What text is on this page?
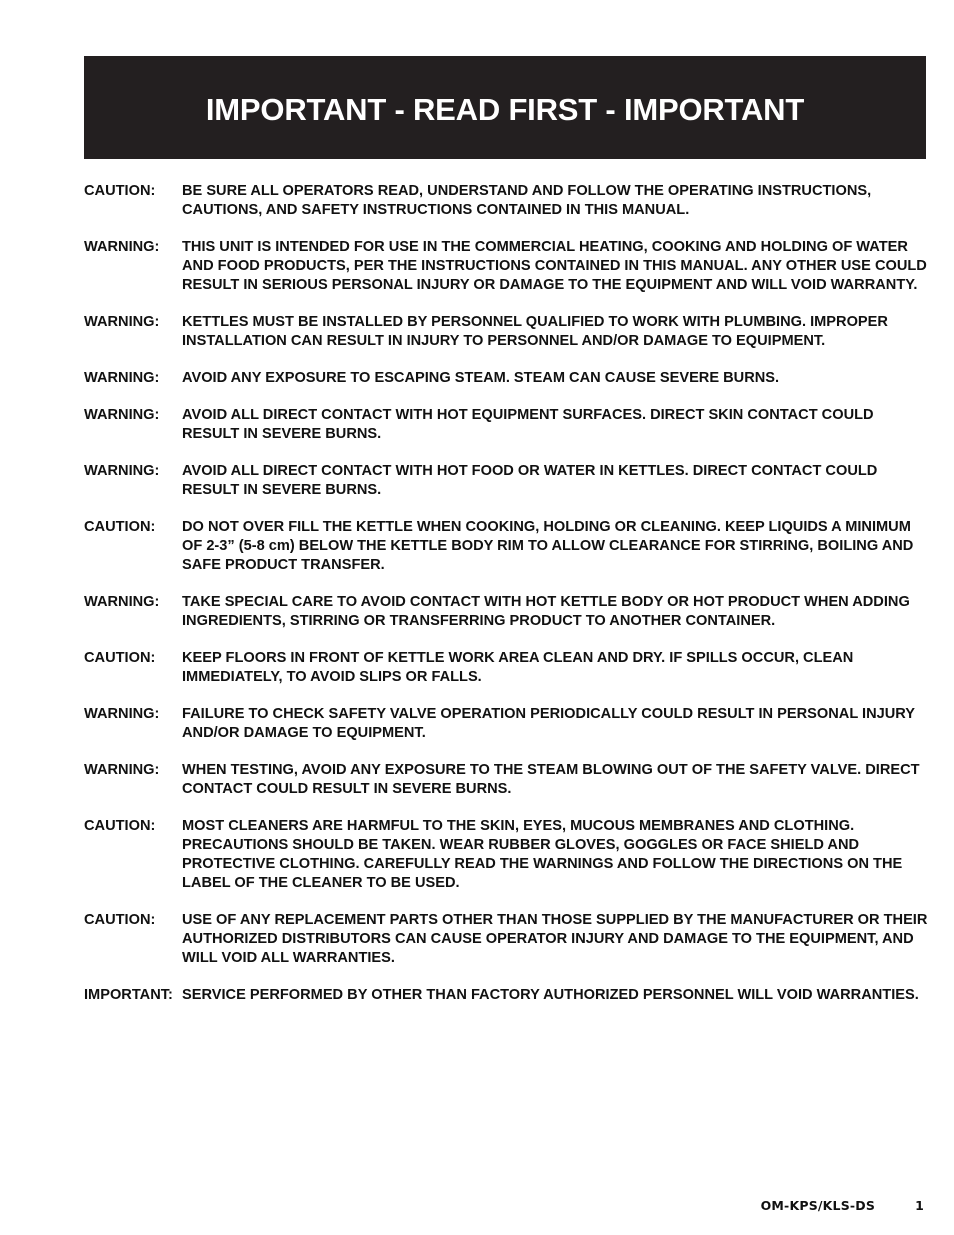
IMPORTANT - READ FIRST - IMPORTANT
CAUTION:	BE SURE ALL OPERATORS READ, UNDERSTAND AND FOLLOW THE OPERATING INSTRUCTIONS, CAUTIONS, AND SAFETY INSTRUCTIONS CONTAINED IN THIS MANUAL.
WARNING:	THIS UNIT IS INTENDED FOR USE IN THE COMMERCIAL HEATING, COOKING AND HOLDING OF WATER AND FOOD PRODUCTS, PER THE INSTRUCTIONS CONTAINED IN THIS MANUAL. ANY OTHER USE COULD RESULT IN SERIOUS PERSONAL INJURY OR DAMAGE TO THE EQUIPMENT AND WILL VOID WARRANTY.
WARNING:	KETTLES MUST BE INSTALLED BY PERSONNEL QUALIFIED TO WORK WITH PLUMBING. IMPROPER INSTALLATION CAN RESULT IN INJURY TO PERSONNEL AND/OR DAMAGE TO EQUIPMENT.
WARNING:	AVOID ANY EXPOSURE TO ESCAPING STEAM. STEAM CAN CAUSE SEVERE BURNS.
WARNING:	AVOID ALL DIRECT CONTACT WITH HOT EQUIPMENT SURFACES. DIRECT SKIN CONTACT COULD RESULT IN SEVERE BURNS.
WARNING:	AVOID ALL DIRECT CONTACT WITH HOT FOOD OR WATER IN KETTLES. DIRECT CONTACT COULD RESULT IN SEVERE BURNS.
CAUTION:	DO NOT OVER FILL THE KETTLE WHEN COOKING, HOLDING OR CLEANING. KEEP LIQUIDS A MINIMUM OF 2-3” (5-8 cm) BELOW THE KETTLE BODY RIM TO ALLOW CLEARANCE FOR STIRRING, BOILING AND SAFE PRODUCT TRANSFER.
WARNING:	TAKE SPECIAL CARE TO AVOID CONTACT WITH HOT KETTLE BODY OR HOT PRODUCT WHEN ADDING INGREDIENTS, STIRRING OR TRANSFERRING PRODUCT TO ANOTHER CONTAINER.
CAUTION:	KEEP FLOORS IN FRONT OF KETTLE WORK AREA CLEAN AND DRY. IF SPILLS OCCUR, CLEAN IMMEDIATELY, TO AVOID SLIPS OR FALLS.
WARNING:	FAILURE TO CHECK SAFETY VALVE OPERATION PERIODICALLY COULD RESULT IN PERSONAL INJURY AND/OR DAMAGE TO EQUIPMENT.
WARNING:	WHEN TESTING, AVOID ANY EXPOSURE TO THE STEAM BLOWING OUT OF THE SAFETY VALVE. DIRECT CONTACT COULD RESULT IN SEVERE BURNS.
CAUTION:	MOST CLEANERS ARE HARMFUL TO THE SKIN, EYES, MUCOUS MEMBRANES AND CLOTHING. PRECAUTIONS SHOULD BE TAKEN. WEAR RUBBER GLOVES, GOGGLES OR FACE SHIELD AND PROTECTIVE CLOTHING. CAREFULLY READ THE WARNINGS AND FOLLOW THE DIRECTIONS ON THE LABEL OF THE CLEANER TO BE USED.
CAUTION:	USE OF ANY REPLACEMENT PARTS OTHER THAN THOSE SUPPLIED BY THE MANUFACTURER OR THEIR AUTHORIZED DISTRIBUTORS CAN CAUSE OPERATOR INJURY AND DAMAGE TO THE EQUIPMENT, AND WILL VOID ALL WARRANTIES.
IMPORTANT: SERVICE PERFORMED BY OTHER THAN FACTORY AUTHORIZED PERSONNEL WILL VOID WARRANTIES.
OM-KPS/KLS-DS	1
